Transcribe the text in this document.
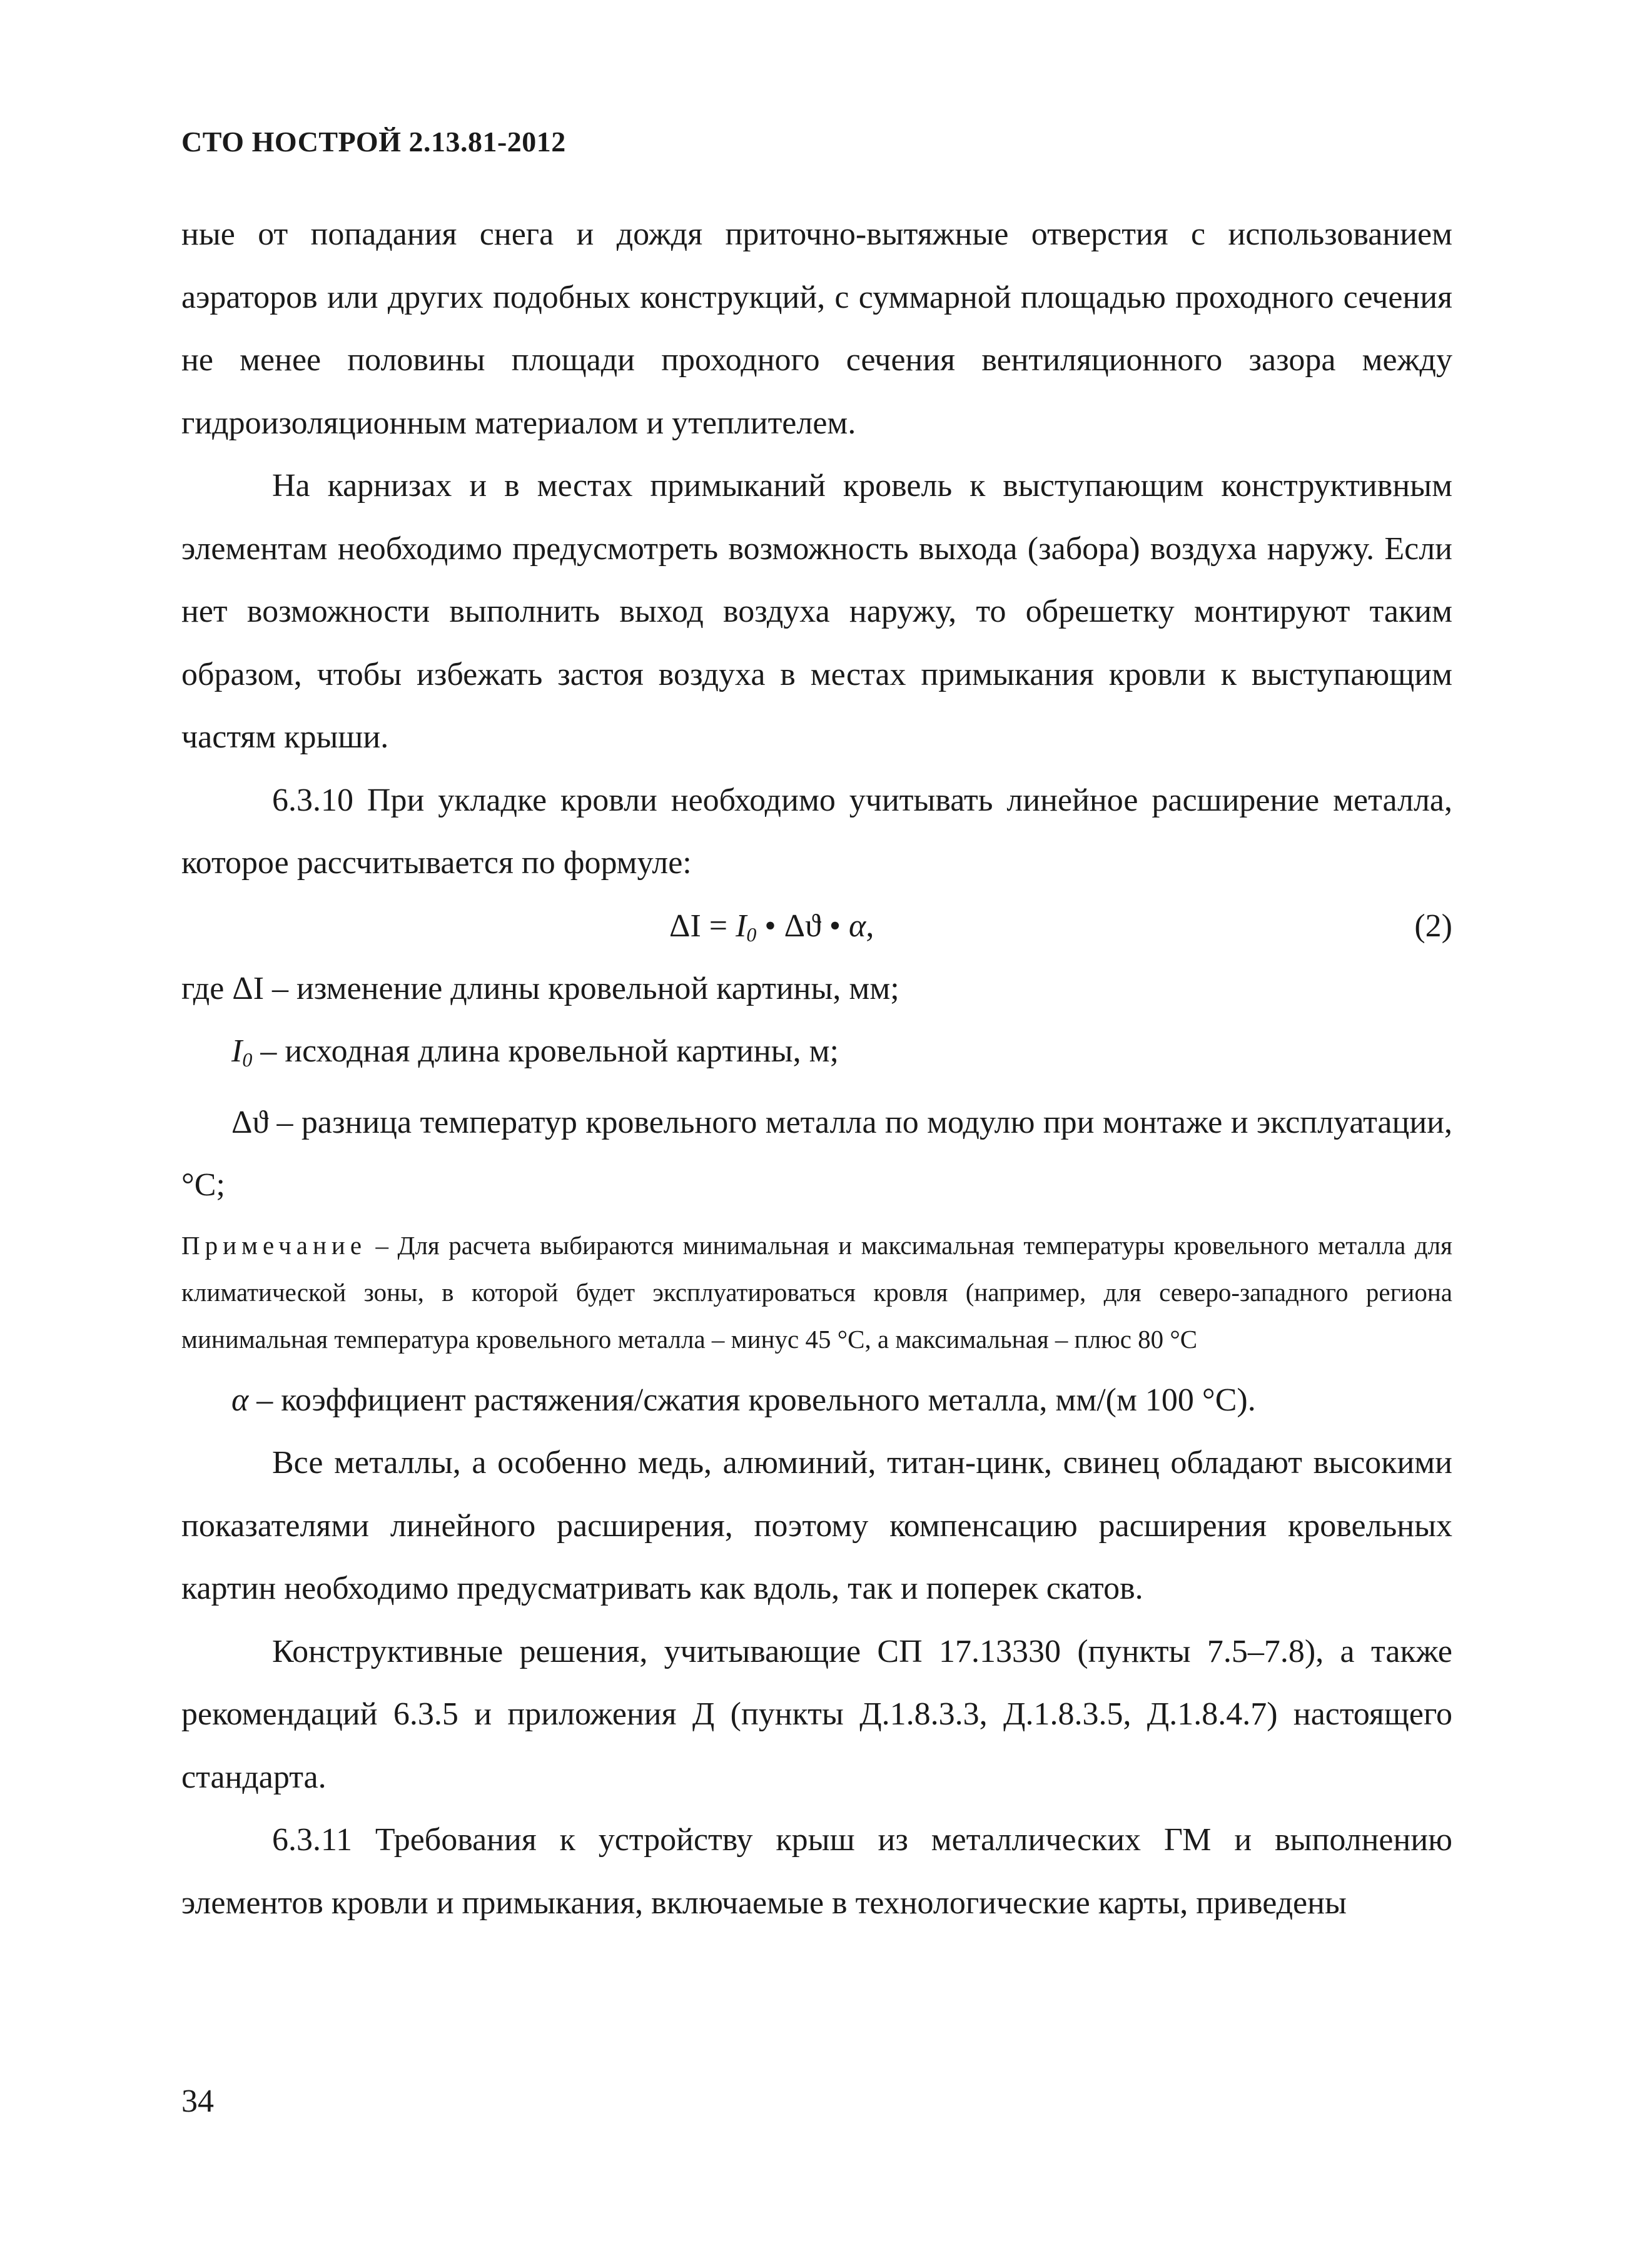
СТО НОСТРОЙ 2.13.81-2012

ные от попадания снега и дождя приточно-вытяжные отверстия с использованием аэраторов или других подобных конструкций, с суммарной площадью проходного сечения не менее половины площади проходного сечения вентиляционного зазора между гидроизоляционным материалом и утеплителем.

На карнизах и в местах примыканий кровель к выступающим конструктивным элементам необходимо предусмотреть возможность выхода (забора) воздуха наружу. Если нет возможности выполнить выход воздуха наружу, то обрешетку монтируют таким образом, чтобы избежать застоя воздуха в местах примыкания кровли к выступающим частям крыши.

6.3.10 При укладке кровли необходимо учитывать линейное расширение металла, которое рассчитывается по формуле:

$\Delta I = I_0$ • Δϑ • α,	(2)

где ΔI – изменение длины кровельной картины, мм;

$I_0$ – исходная длина кровельной картины, м;

Δϑ – разница температур кровельного металла по модулю при монтаже и эксплуатации, °C;

Примечание – Для расчета выбираются минимальная и максимальная температуры кровельного металла для климатической зоны, в которой будет эксплуатироваться кровля (например, для северо-западного региона минимальная температура кровельного металла – минус 45 °C, а максимальная – плюс 80 °C

α – коэффициент растяжения/сжатия кровельного металла, мм/(м 100 °C).

Все металлы, а особенно медь, алюминий, титан-цинк, свинец обладают высокими показателями линейного расширения, поэтому компенсацию расширения кровельных картин необходимо предусматривать как вдоль, так и поперек скатов.

Конструктивные решения, учитывающие СП 17.13330 (пункты 7.5–7.8), а также рекомендаций 6.3.5 и приложения Д (пункты Д.1.8.3.3, Д.1.8.3.5, Д.1.8.4.7) настоящего стандарта.

6.3.11 Требования к устройству крыш из металлических ГМ и выполнению элементов кровли и примыкания, включаемые в технологические карты, приведены

34
